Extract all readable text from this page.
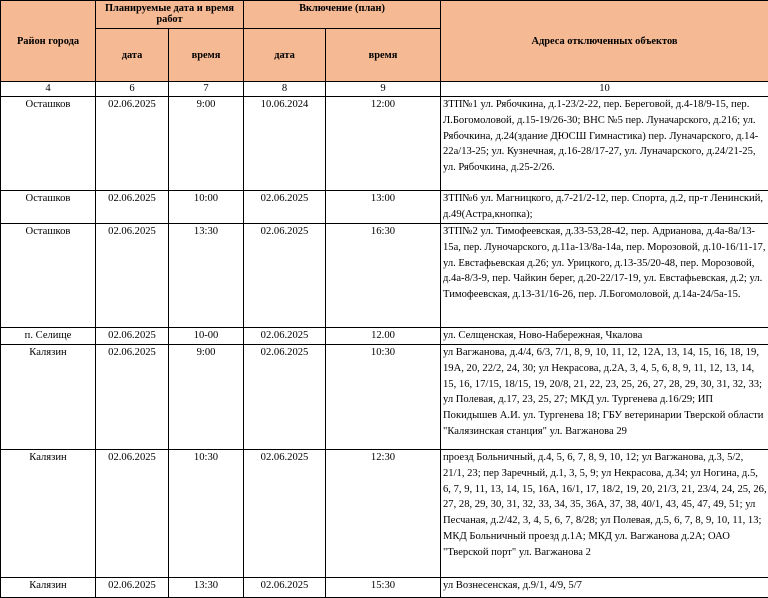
Район города	Планируемые дата и время работ		Включение (план)		Адреса отключенных объектов
	дата	время	дата	время	
4	6	7	8	9	10
Осташков	02.06.2025	9:00	10.06.2024	12:00	ЗТП№1 ул. Рябочкина, д.1-23/2-22, пер. Береговой, д.4-18/9-15, пер. Л.Богомоловой, д.15-19/26-30; ВНС №5 пер. Луначарского, д.216; ул. Рябочкина, д.24(здание ДЮСШ Гимнастика) пер. Луначарского, д.14-22а/13-25; ул. Кузнечная, д.16-28/17-27, ул. Луначарского, д.24/21-25, ул. Рябочкина, д.25-2/26.
Осташков	02.06.2025	10:00	02.06.2025	13:00	ЗТП№6 ул. Магницкого, д.7-21/2-12, пер. Спорта, д.2, пр-т Ленинский, д.49(Астра,кнопка);
Осташков	02.06.2025	13:30	02.06.2025	16:30	ЗТП№2 ул. Тимофеевская, д.33-53,28-42, пер. Адрианова, д.4а-8а/13-15а, пер. Луночарского, д.11а-13/8а-14а, пер. Морозовой, д.10-16/11-17, ул. Евстафьевская д.26; ул. Урицкого, д.13-35/20-48, пер. Морозовой, д.4а-8/3-9, пер. Чайкин берег, д.20-22/17-19, ул. Евстафьевская, д.2; ул. Тимофеевская, д.13-31/16-26, пер. Л.Богомоловой, д.14а-24/5а-15.
п. Селище	02.06.2025	10-00	02.06.2025	12.00	ул. Селщенская, Ново-Набережная, Чкалова
Калязин	02.06.2025	9:00	02.06.2025	10:30	ул Вагжанова, д.4/4, 6/3, 7/1, 8, 9, 10, 11, 12, 12А, 13, 14, 15, 16, 18, 19, 19А, 20, 22/2, 24, 30; ул Некрасова, д.2А, 3, 4, 5, 6, 8, 9, 11, 12, 13, 14, 15, 16, 17/15, 18/15, 19, 20/8, 21, 22, 23, 25, 26, 27, 28, 29, 30, 31, 32, 33; ул Полевая, д.17, 23, 25, 27; МКД ул. Тургенева д.16/29; ИП Покидышев А.И. ул. Тургенева 18; ГБУ ветеринарии Тверской области "Калязинская станция" ул. Вагжанова 29
Калязин	02.06.2025	10:30	02.06.2025	12:30	проезд Больничный, д.4, 5, 6, 7, 8, 9, 10, 12; ул Вагжанова, д.3, 5/2, 21/1, 23; пер Заречный, д.1, 3, 5, 9; ул Некрасова, д.34; ул Ногина, д.5, 6, 7, 9, 11, 13, 14, 15, 16А, 16/1, 17, 18/2, 19, 20, 21/3, 21, 23/4, 24, 25, 26, 27, 28, 29, 30, 31, 32, 33, 34, 35, 36А, 37, 38, 40/1, 43, 45, 47, 49, 51; ул Песчаная, д.2/42, 3, 4, 5, 6, 7, 8/28; ул Полевая, д.5, 6, 7, 8, 9, 10, 11, 13; МКД Больничный проезд д.1А; МКД ул. Вагжанова д.2А; ОАО "Тверской порт" ул. Вагжанова 2
Калязин	02.06.2025	13:30	02.06.2025	15:30	ул Вознесенская, д.9/1, 4/9, 5/7
